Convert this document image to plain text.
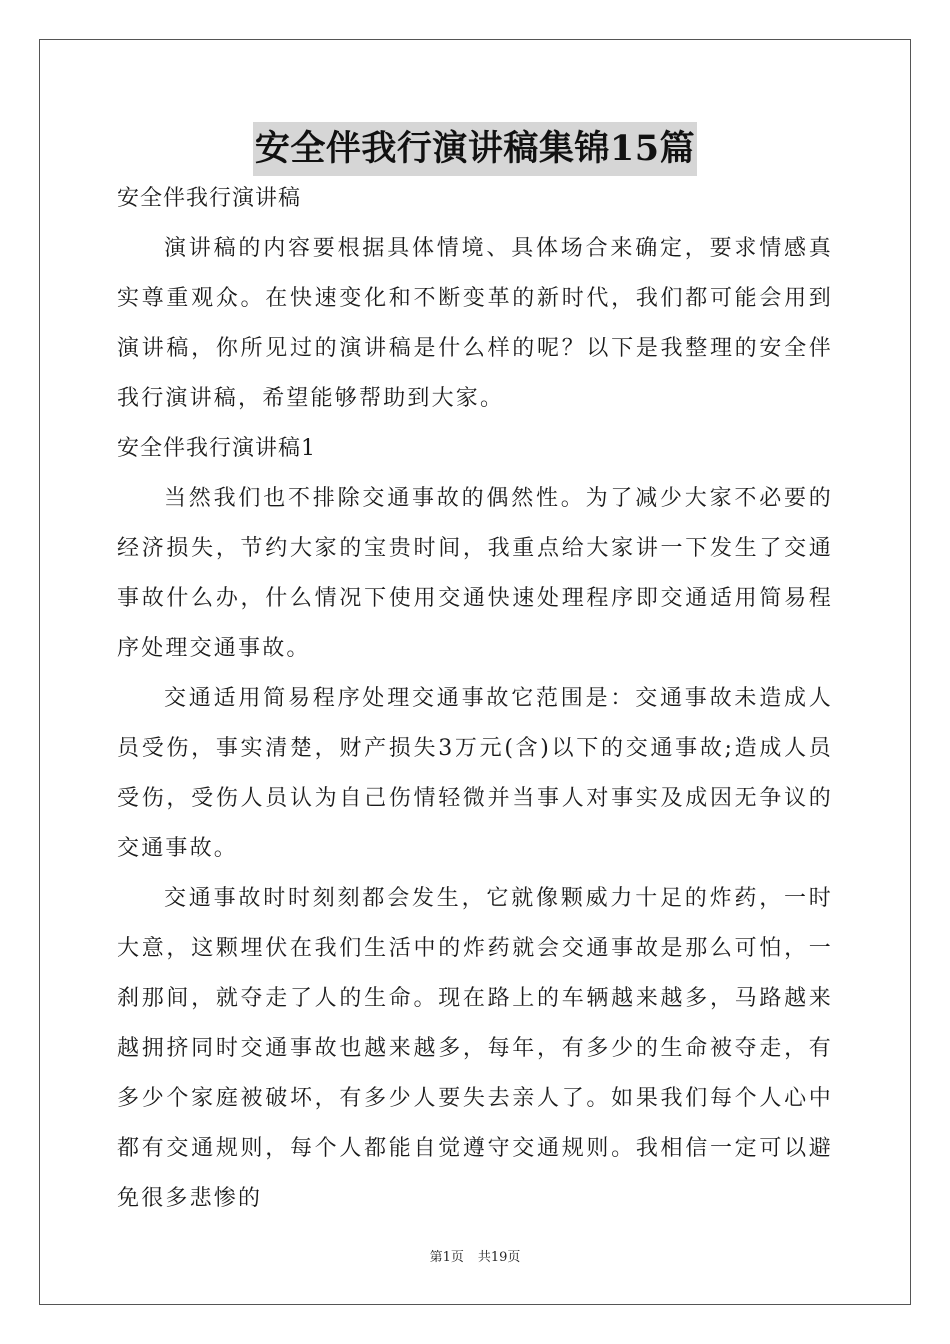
安全伴我行演讲稿集锦15篇

安全伴我行演讲稿

演讲稿的内容要根据具体情境、具体场合来确定，要求情感真实尊重观众。在快速变化和不断变革的新时代，我们都可能会用到演讲稿，你所见过的演讲稿是什么样的呢？以下是我整理的安全伴我行演讲稿，希望能够帮助到大家。

安全伴我行演讲稿1

当然我们也不排除交通事故的偶然性。为了减少大家不必要的经济损失，节约大家的宝贵时间，我重点给大家讲一下发生了交通事故什么办，什么情况下使用交通快速处理程序即交通适用简易程序处理交通事故。

交通适用简易程序处理交通事故它范围是：交通事故未造成人员受伤，事实清楚，财产损失3万元(含)以下的交通事故;造成人员受伤，受伤人员认为自己伤情轻微并当事人对事实及成因无争议的交通事故。

交通事故时时刻刻都会发生，它就像颗威力十足的炸药，一时大意，这颗埋伏在我们生活中的炸药就会交通事故是那么可怕，一刹那间，就夺走了人的生命。现在路上的车辆越来越多，马路越来越拥挤同时交通事故也越来越多，每年，有多少的生命被夺走，有多少个家庭被破坏，有多少人要失去亲人了。如果我们每个人心中都有交通规则，每个人都能自觉遵守交通规则。我相信一定可以避免很多悲惨的

第1页 共19页
